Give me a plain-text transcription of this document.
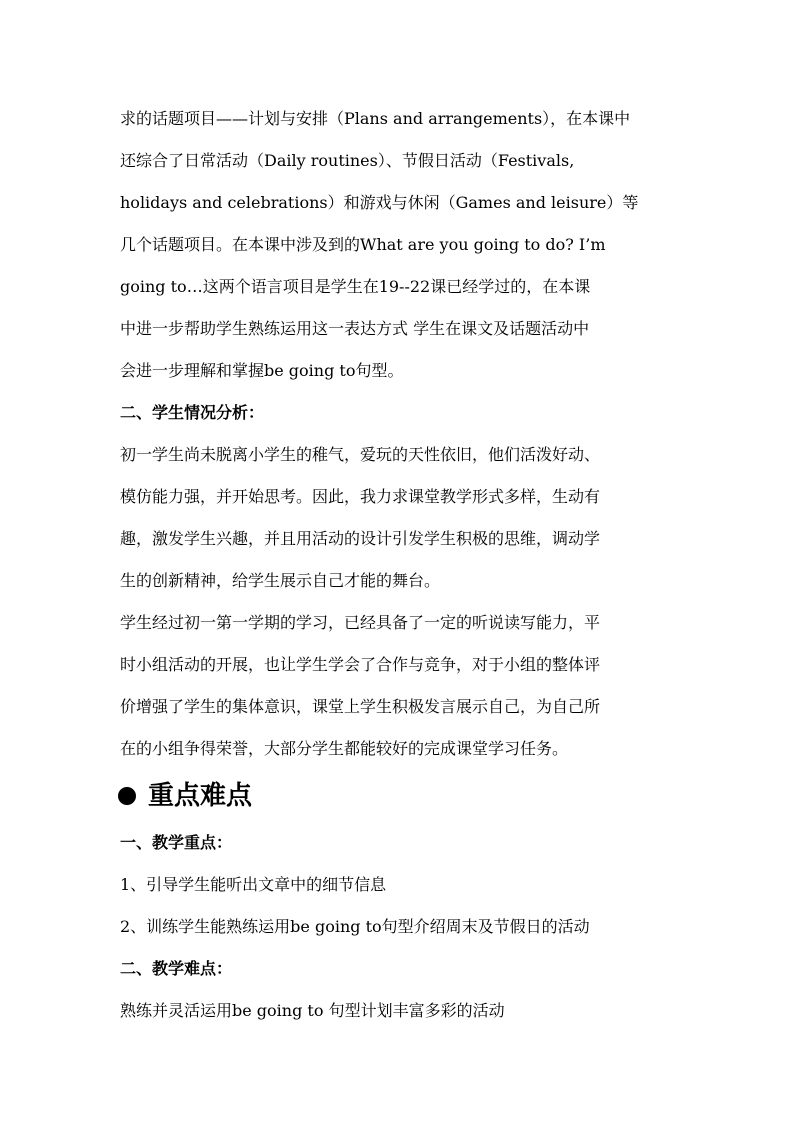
求的话题项目——计划与安排（Plans and arrangements），在本课中
还综合了日常活动（Daily routines）、节假日活动（Festivals,
holidays and celebrations）和游戏与休闲（Games and leisure）等
几个话题项目。在本课中涉及到的What are you going to do? I’m
going to…这两个语言项目是学生在19--22课已经学过的，在本课
中进一步帮助学生熟练运用这一表达方式 学生在课文及话题活动中
会进一步理解和掌握be going to句型。
二、学生情况分析：
初一学生尚未脱离小学生的稚气，爱玩的天性依旧，他们活泼好动、
模仿能力强，并开始思考。因此，我力求课堂教学形式多样，生动有
趣，激发学生兴趣，并且用活动的设计引发学生积极的思维，调动学
生的创新精神，给学生展示自己才能的舞台。
学生经过初一第一学期的学习，已经具备了一定的听说读写能力，平
时小组活动的开展，也让学生学会了合作与竞争，对于小组的整体评
价增强了学生的集体意识，课堂上学生积极发言展示自己，为自己所
在的小组争得荣誉，大部分学生都能较好的完成课堂学习任务。
重点难点
一、教学重点：
1、引导学生能听出文章中的细节信息
2、训练学生能熟练运用be going to句型介绍周末及节假日的活动
二、教学难点：
熟练并灵活运用be going to 句型计划丰富多彩的活动
